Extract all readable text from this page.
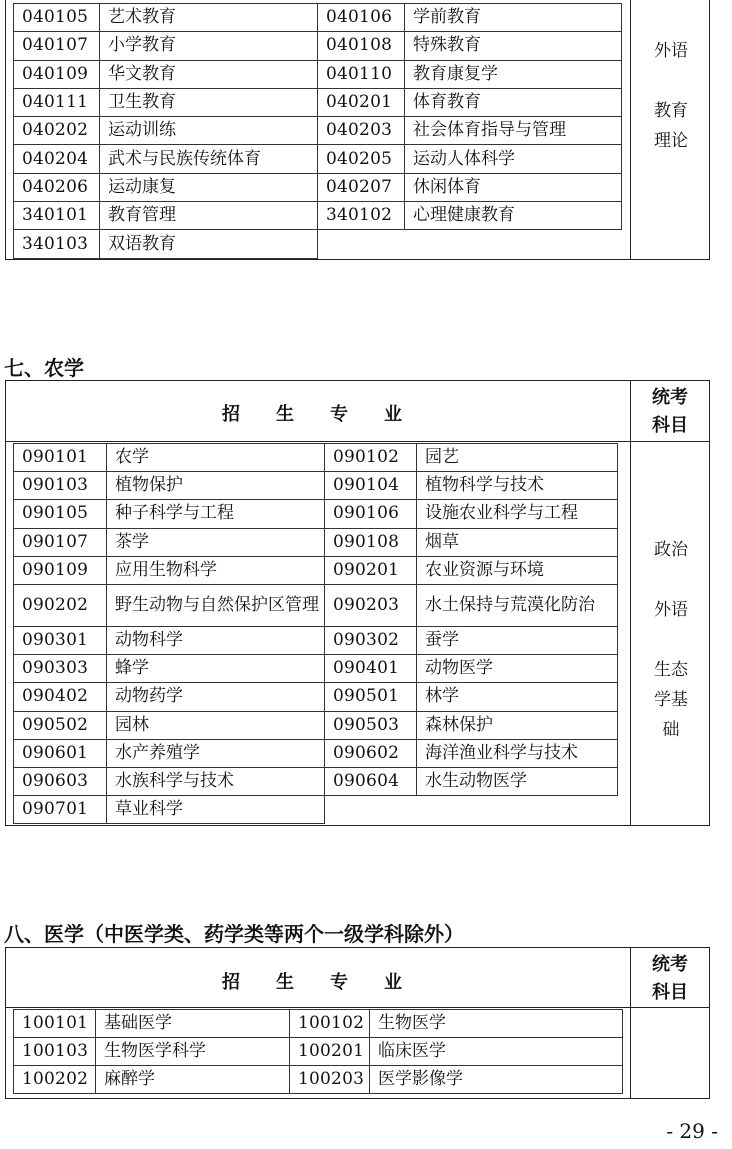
040105	艺术教育	040106	学前教育
040107	小学教育	040108	特殊教育
040109	华文教育	040110	教育康复学
040111	卫生教育	040201	体育教育
040202	运动训练	040203	社会体育指导与管理
040204	武术与民族传统体育	040205	运动人体科学
040206	运动康复	040207	休闲体育
340101	教育管理	340102	心理健康教育
340103	双语教育		
外语
教育
理论
七、农学
招　　生　　专　　业
统考
科目
090101	农学	090102	园艺
090103	植物保护	090104	植物科学与技术
090105	种子科学与工程	090106	设施农业科学与工程
090107	茶学	090108	烟草
090109	应用生物科学	090201	农业资源与环境
090202	野生动物与自然保护区管理	090203	水土保持与荒漠化防治
090301	动物科学	090302	蚕学
090303	蜂学	090401	动物医学
090402	动物药学	090501	林学
090502	园林	090503	森林保护
090601	水产养殖学	090602	海洋渔业科学与技术
090603	水族科学与技术	090604	水生动物医学
090701	草业科学		
政治
外语
生态
学基
础
八、医学（中医学类、药学类等两个一级学科除外）
招　　生　　专　　业
统考
科目
100101	基础医学	100102	生物医学
100103	生物医学科学	100201	临床医学
100202	麻醉学	100203	医学影像学
- 29 -
